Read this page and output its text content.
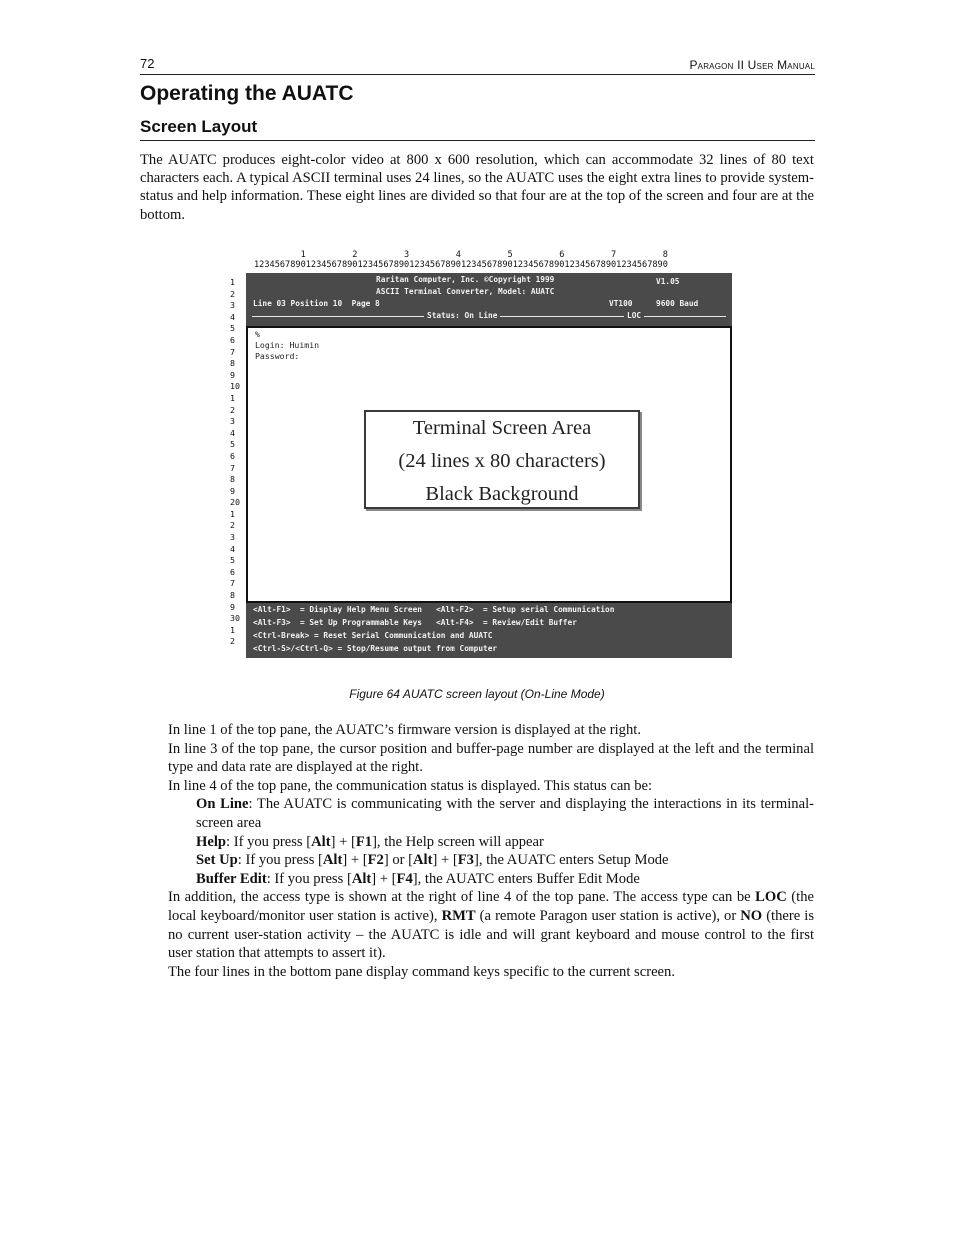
72	Paragon II User Manual
Operating the AUATC
Screen Layout

The AUATC produces eight-color video at 800 x 600 resolution, which can accommodate 32 lines of 80 text characters each. A typical ASCII terminal uses 24 lines, so the AUATC uses the eight extra lines to provide system-status and help information. These eight lines are divided so that four are at the top of the screen and four are at the bottom.

1         2         3         4         5         6         7         8
12345678901234567890123456789012345678901234567890123456789012345678901234567890
1
2
3
4
5
6
7
8
9
10
1
2
3
4
5
6
7
8
9
20
1
2
3
4
5
6
7
8
9
30
1
2
Raritan Computer, Inc. ©Copyright 1999	V1.05
ASCII Terminal Converter, Model: AUATC
Line 03 Position 10  Page 8	VT100	9600 Baud
Status: On Line	LOC
%
Login: Huimin
Password:
Terminal Screen Area
(24 lines x 80 characters)
Black Background
<Alt-F1>  = Display Help Menu Screen   <Alt-F2>  = Setup serial Communication
<Alt-F3>  = Set Up Programmable Keys   <Alt-F4>  = Review/Edit Buffer
<Ctrl-Break> = Reset Serial Communication and AUATC
<Ctrl-S>/<Ctrl-Q> = Stop/Resume output from Computer
Figure 64 AUATC screen layout (On-Line Mode)

In line 1 of the top pane, the AUATC’s firmware version is displayed at the right.

In line 3 of the top pane, the cursor position and buffer-page number are displayed at the left and the terminal type and data rate are displayed at the right.

In line 4 of the top pane, the communication status is displayed. This status can be:

On Line: The AUATC is communicating with the server and displaying the interactions in its terminal-screen area

Help: If you press [Alt] + [F1], the Help screen will appear

Set Up: If you press [Alt] + [F2] or [Alt] + [F3], the AUATC enters Setup Mode

Buffer Edit: If you press [Alt] + [F4], the AUATC enters Buffer Edit Mode

In addition, the access type is shown at the right of line 4 of the top pane. The access type can be LOC (the local keyboard/monitor user station is active), RMT (a remote Paragon user station is active), or NO (there is no current user-station activity – the AUATC is idle and will grant keyboard and mouse control to the first user station that attempts to assert it).

The four lines in the bottom pane display command keys specific to the current screen.
